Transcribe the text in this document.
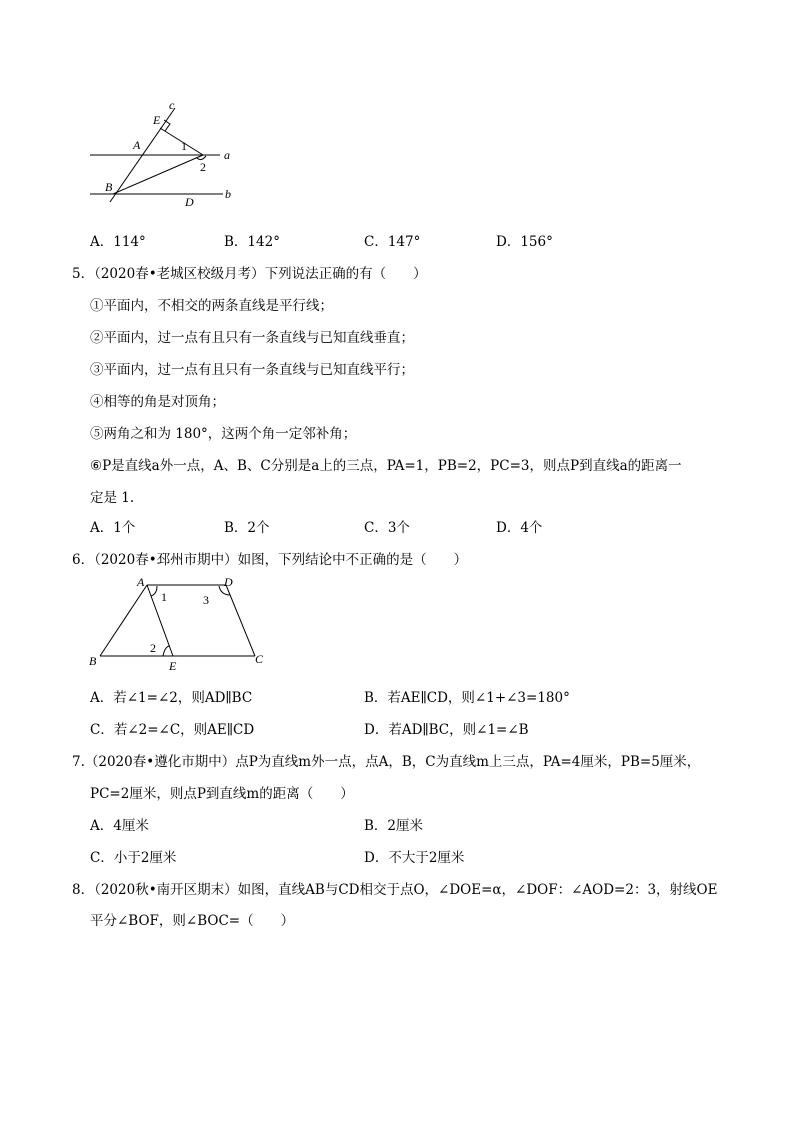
c
E
A	1
a
2
B
D
b
A．114°	B．142°	C．147°	D．156°
5．（2020春•老城区校级月考）下列说法正确的有（　　）
①平面内，不相交的两条直线是平行线；
②平面内，过一点有且只有一条直线与已知直线垂直；
③平面内，过一点有且只有一条直线与已知直线平行；
④相等的角是对顶角；
⑤两角之和为 180°，这两个角一定邻补角；
⑥P是直线a外一点，A、B、C分别是a上的三点，PA=1，PB=2，PC=3，则点P到直线a的距离一
定是 1.
A．1个	B．2个	C．3个	D．4个
6．（2020春•邳州市期中）如图，下列结论中不正确的是（　　）
A	D
1	3
2
B	E	C
A．若∠1=∠2，则AD∥BC	B．若AE∥CD，则∠1+∠3=180°
C．若∠2=∠C，则AE∥CD	D．若AD∥BC，则∠1=∠B
7.（2020春•遵化市期中）点P为直线m外一点，点A，B，C为直线m上三点，PA=4厘米，PB=5厘米，
PC=2厘米，则点P到直线m的距离（　　）
A．4厘米	B．2厘米
C．小于2厘米	D．不大于2厘米
8．（2020秋•南开区期末）如图，直线AB与CD相交于点O，∠DOE=α，∠DOF：∠AOD=2：3，射线OE
平分∠BOF，则∠BOC=（　　）
